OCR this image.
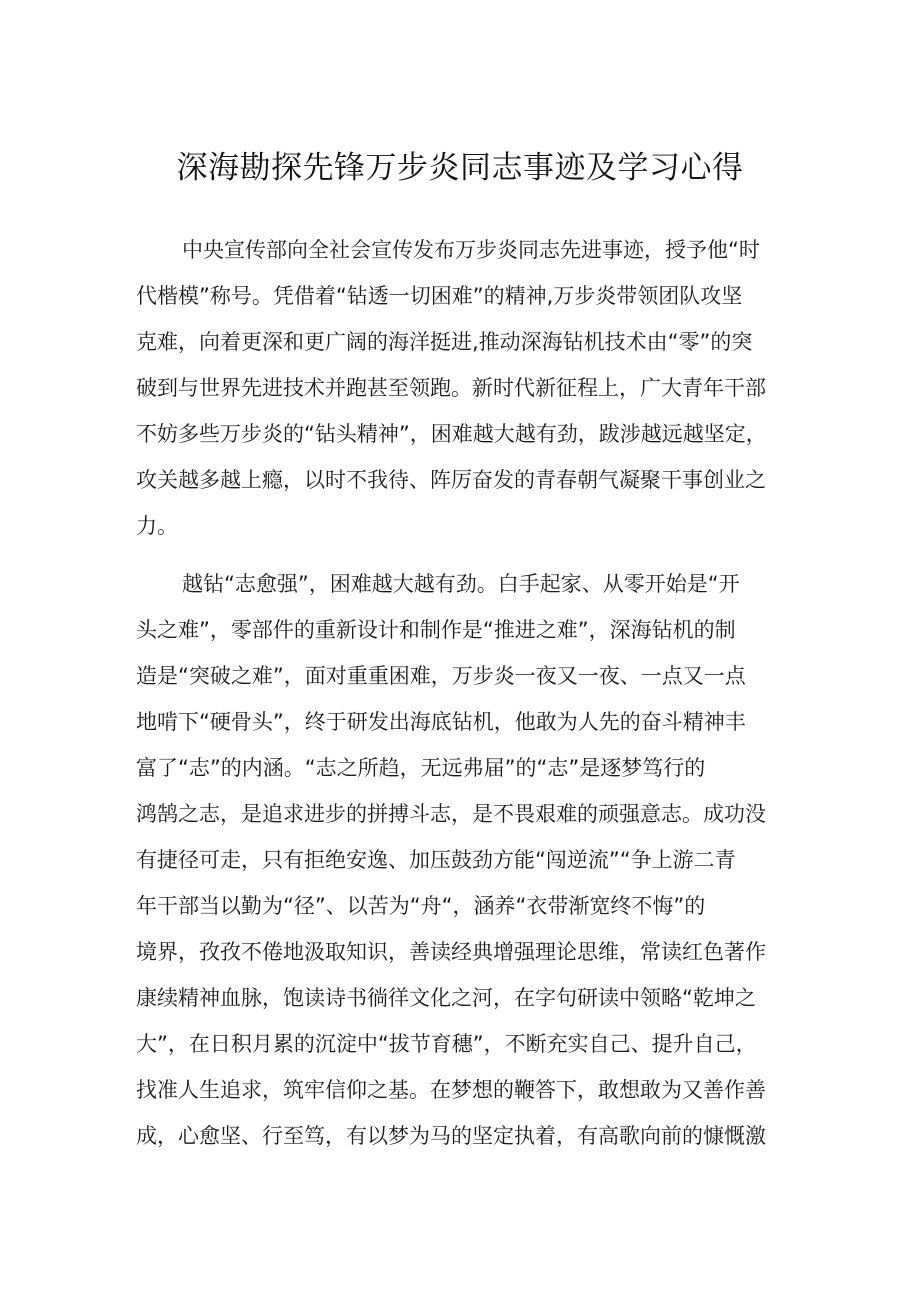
深海勘探先锋万步炎同志事迹及学习心得
中央宣传部向全社会宣传发布万步炎同志先进事迹，授予他“时
代楷模”称号。凭借着“钻透一切困难”的精神,万步炎带领团队攻坚
克难，向着更深和更广阔的海洋挺进,推动深海钻机技术由“零”的突
破到与世界先进技术并跑甚至领跑。新时代新征程上，广大青年干部
不妨多些万步炎的“钻头精神”，困难越大越有劲，跋涉越远越坚定，
攻关越多越上瘾，以时不我待、阵厉奋发的青春朝气凝聚干事创业之
力。
越钻“志愈强”，困难越大越有劲。白手起家、从零开始是“开
头之难”，零部件的重新设计和制作是“推进之难”，深海钻机的制
造是“突破之难”，面对重重困难，万步炎一夜又一夜、一点又一点
地啃下“硬骨头”，终于研发出海底钻机，他敢为人先的奋斗精神丰
富了“志”的内涵。“志之所趋，无远弗届”的“志”是逐梦笃行的
鸿鹄之志，是追求进步的拼搏斗志，是不畏艰难的顽强意志。成功没
有捷径可走，只有拒绝安逸、加压鼓劲方能“闯逆流”“争上游二青
年干部当以勤为“径”、以苦为“舟“，涵养“衣带渐宽终不悔”的
境界，孜孜不倦地汲取知识，善读经典增强理论思维，常读红色著作
康续精神血脉，饱读诗书徜徉文化之河，在字句研读中领略“乾坤之
大”，在日积月累的沉淀中“拔节育穗”，不断充实自己、提升自己，
找准人生追求，筑牢信仰之基。在梦想的鞭答下，敢想敢为又善作善
成，心愈坚、行至笃，有以梦为马的坚定执着，有高歌向前的慷慨激
